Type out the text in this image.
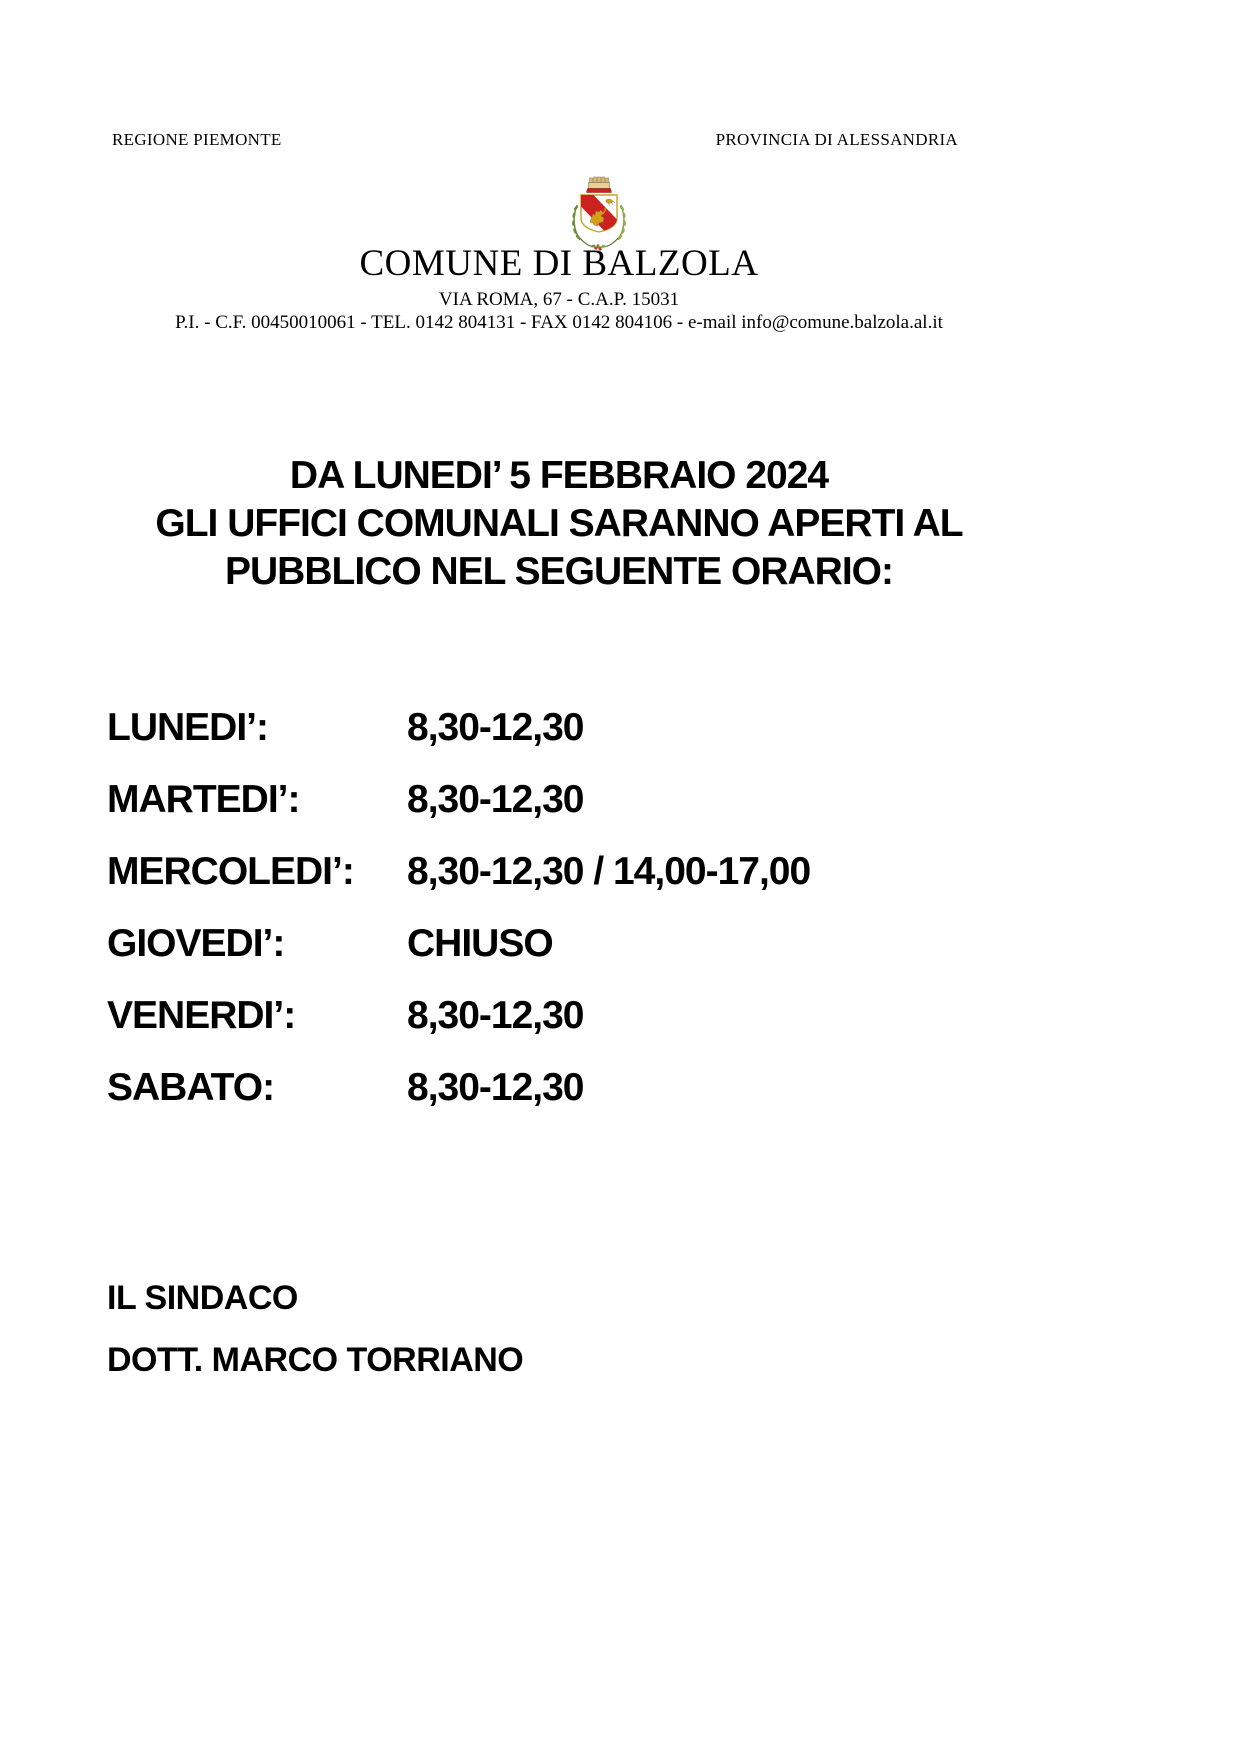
REGIONE PIEMONTE	PROVINCIA DI ALESSANDRIA
COMUNE DI BALZOLA
VIA ROMA, 67 - C.A.P. 15031
P.I. - C.F. 00450010061 - TEL. 0142 804131 - FAX 0142 804106 - e-mail info@comune.balzola.al.it
DA LUNEDI’ 5 FEBBRAIO 2024
GLI UFFICI COMUNALI SARANNO APERTI AL
PUBBLICO NEL SEGUENTE ORARIO:
LUNEDI’:	8,30-12,30
MARTEDI’:	8,30-12,30
MERCOLEDI’:	8,30-12,30 / 14,00-17,00
GIOVEDI’:	CHIUSO
VENERDI’:	8,30-12,30
SABATO:	8,30-12,30
IL SINDACO
DOTT. MARCO TORRIANO
